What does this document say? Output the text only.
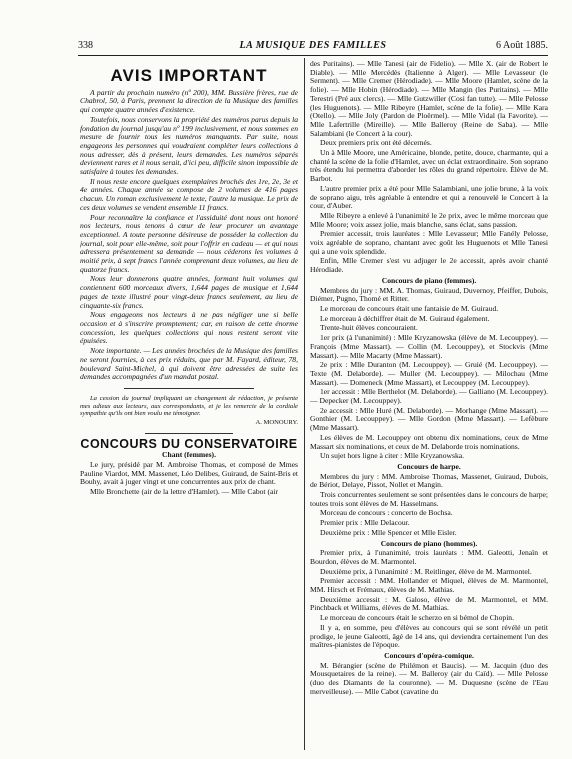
338	LA MUSIQUE DES FAMILLES	6 Août 1885.
AVIS IMPORTANT

A partir du prochain numéro (nº 200), MM. Bussière frères, rue de Chabrol, 50, à Paris, prennent la direction de la Musique des familles qui compte quatre années d'existence.

Toutefois, nous conservons la propriété des numéros parus depuis la fondation du journal jusqu'au nº 199 inclusivement, et nous sommes en mesure de fournir tous les numéros manquants. Par suite, nous engageons les personnes qui voudraient compléter leurs collections à nous adresser, dès à présent, leurs demandes. Les numéros séparés deviennent rares et il nous serait, d'ici peu, difficile sinon impossible de satisfaire à toutes les demandes.

Il nous reste encore quelques exemplaires brochés des 1re, 2e, 3e et 4e années. Chaque année se compose de 2 volumes de 416 pages chacun. Un roman exclusivement le texte, l'autre la musique. Le prix de ces deux volumes se vendent ensemble 11 francs.

Pour reconnaître la confiance et l'assiduité dont nous ont honoré nos lecteurs, nous tenons à cœur de leur procurer un avantage exceptionnel. A toute personne désireuse de posséder la collection du journal, soit pour elle-même, soit pour l'offrir en cadeau — et qui nous adressera présentement sa demande — nous céderons les volumes à moitié prix, à sept francs l'année comprenant deux volumes, au lieu de quatorze francs.

Nous leur donnerons quatre années, formant huit volumes qui contiennent 600 morceaux divers, 1,644 pages de musique et 1,644 pages de texte illustré pour vingt-deux francs seulement, au lieu de cinquante-six francs.

Nous engageons nos lecteurs à ne pas négliger une si belle occasion et à s'inscrire promptement; car, en raison de cette énorme concession, les quelques collections qui nous restent seront vite épuisées.

Note importante. — Les années brochées de la Musique des familles ne seront fournies, à ces prix réduits, que par M. Fayard, éditeur, 78, boulevard Saint-Michel, à qui doivent être adressées de suite les demandes accompagnées d'un mandat postal.

La cession du journal impliquant un changement de rédaction, je présente mes adieux aux lecteurs, aux correspondants, et je les remercie de la cordiale sympathie qu'ils ont bien voulu me témoigner.

A. MONOURY.
CONCOURS DU CONSERVATOIRE

Chant (femmes).

Le jury, présidé par M. Ambroise Thomas, et composé de Mmes Pauline Viardot, MM. Massenet, Léo Delibes, Guiraud, de Saint-Bris et Bouhy, avait à juger vingt et une concurrentes aux prix de chant.

Mlle Bronchette (air de la lettre d'Hamlet). — Mlle Cabot (air

des Puritains). — Mlle Tanesi (air de Fidelio). — Mlle X. (air de Robert le Diable). — Mlle Mercédès (Italienne à Alger). — Mlle Levasseur (le Serment). — Mlle Cremer (Hérodiade). — Mlle Moore (Hamlet, scène de la folie). — Mlle Hobin (Hérodiade). — Mlle Mangin (les Puritains). — Mlle Terestri (Pré aux clercs). — Mlle Gutzwiller (Cosi fan tutte). — Mlle Pelosse (les Huguenots). — Mlle Ribeyre (Hamlet, scène de la folie). — Mlle Kara (Otello). — Mlle Joly (Pardon de Ploërmel). — Mlle Vidal (la Favorite). — Mlle Lafertrille (Mireille). — Mlle Balleroy (Reine de Saba). — Mlle Salambiani (le Concert à la cour).

Deux premiers prix ont été décernés.

Un à Mlle Moore, une Américaine, blonde, petite, douce, charmante, qui a chanté la scène de la folie d'Hamlet, avec un éclat extraordinaire. Son soprano très étendu lui permettra d'aborder les rôles du grand répertoire. Élève de M. Barbot.

L'autre premier prix a été pour Mlle Salambiani, une jolie brune, à la voix de soprano aigu, très agréable à entendre et qui a renouvelé le Concert à la cour, d'Auber.

Mlle Ribeyre a enlevé à l'unanimité le 2e prix, avec le même morceau que Mlle Moore; voix assez jolie, mais blanche, sans éclat, sans passion.

Premier accessit, trois lauréates : Mlle Levasseur; Mlle Fanély Pelosse, voix agréable de soprano, chantant avec goût les Huguenots et Mlle Tanesi qui a une voix splendide.

Enfin, Mlle Cremer s'est vu adjuger le 2e accessit, après avoir chanté Hérodiade.

Concours de piano (femmes).

Membres du jury : MM. A. Thomas, Guiraud, Duvernoy, Pfeiffer, Dubois, Diémer, Pugno, Thomé et Ritter.

Le morceau de concours était une fantaisie de M. Guiraud.

Le morceau à déchiffrer était de M. Guiraud également.

Trente-huit élèves concouraient.

1er prix (à l'unanimité) : Mlle Kryzanowska (élève de M. Lecouppey). — François (Mme Massart). — Collin (M. Lecouppey), et Stockvis (Mme Massart). — Mlle Macarty (Mme Massart).

2e prix : Mlle Duranton (M. Lecouppey). — Gruié (M. Lecouppey). — Texte (M. Delaborde). — Muller (M. Lecouppey). — Milochau (Mme Massart). — Domeneck (Mme Massart), et Lecouppey (M. Lecouppey).

1er accessit : Mlle Berthelot (M. Delaborde). — Galliano (M. Lecouppey). — Depecker (M. Lecouppey).

2e accessit : Mlle Huré (M. Delaborde). — Morhange (Mme Massart). — Gonthier (M. Lecouppey). — Mlle Gordon (Mme Massart). — Lefèbure (Mme Massart).

Les élèves de M. Lecouppey ont obtenu dix nominations, ceux de Mme Massart six nominations, et ceux de M. Delaborde trois nominations.

Un sujet hors ligne à citer : Mlle Kryzanowska.

Concours de harpe.

Membres du jury : MM. Ambroise Thomas, Massenet, Guiraud, Dubois, de Bériot, Delaye, Pissot, Nollet et Mangin.

Trois concurrentes seulement se sont présentées dans le concours de harpe; toutes trois sont élèves de M. Hasselmans.

Morceau de concours : concerto de Bochsa.

Premier prix : Mlle Delacour.

Deuxième prix : Mlle Spencer et Mlle Eisler.

Concours de piano (hommes).

Premier prix, à l'unanimité, trois lauréats : MM. Galeotti, Jenaïn et Bourdon, élèves de M. Marmontel.

Deuxième prix, à l'unanimité : M. Reitlinger, élève de M. Marmontel.

Premier accessit : MM. Hollander et Miquel, élèves de M. Marmontel, MM. Hirsch et Frémaux, élèves de M. Mathias.

Deuxième accessit : M. Galoso, élève de M. Marmontel, et MM. Pinchback et Williams, élèves de M. Mathias.

Le morceau de concours était le scherzo en si bémol de Chopin.

Il y a, en somme, peu d'élèves au concours qui se sont révélé un petit prodige, le jeune Galeotti, âgé de 14 ans, qui deviendra certainement l'un des maîtres-pianistes de l'époque.

Concours d'opéra-comique.

M. Bérangier (scène de Philémon et Baucis). — M. Jacquin (duo des Mousquetaires de la reine). — M. Balleroy (air du Caïd). — Mlle Pelosse (duo des Diamants de la couronne). — M. Duquesne (scène de l'Eau merveilleuse). — Mlle Cabot (cavatine du
